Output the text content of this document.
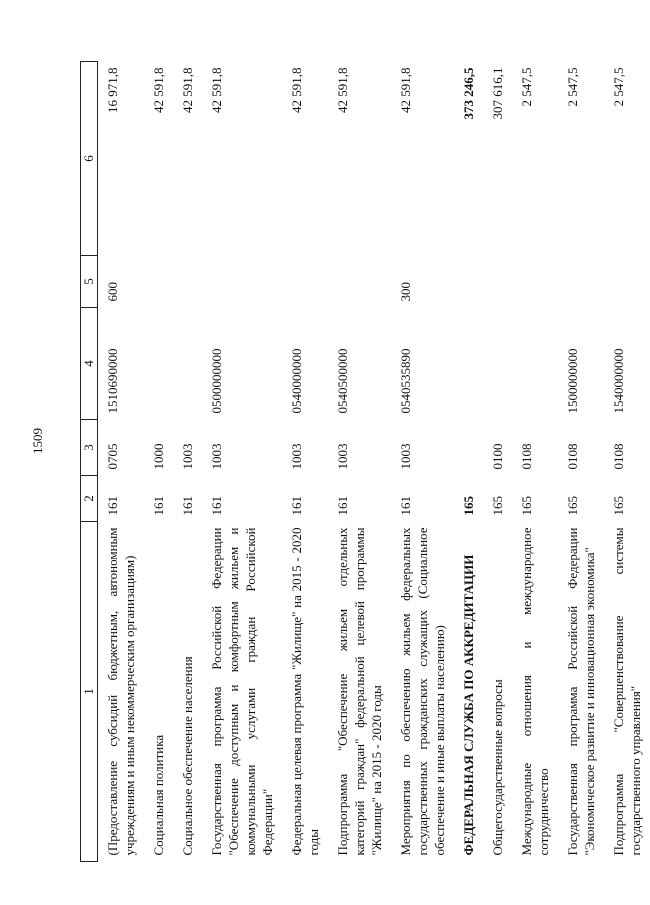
1509
1	2	3	4	5	6
(Предоставление субсидий бюджетным, автономным учреждениям и иным некоммерческим организациям)	161	0705	1510690000	600	16 971,8
Социальная политика	161	1000			42 591,8
Социальное обеспечение населения	161	1003			42 591,8
Государственная программа Российской Федерации "Обеспечение доступным и комфортным жильем и коммунальными услугами граждан Российской Федерации"	161	1003	0500000000		42 591,8
Федеральная целевая программа "Жилище" на 2015 - 2020 годы	161	1003	0540000000		42 591,8
Подпрограмма "Обеспечение жильем отдельных категорий граждан" федеральной целевой программы "Жилище" на 2015 - 2020 годы	161	1003	0540500000		42 591,8
Мероприятия по обеспечению жильем федеральных государственных гражданских служащих (Социальное обеспечение и иные выплаты населению)	161	1003	0540535890	300	42 591,8
ФЕДЕРАЛЬНАЯ СЛУЖБА ПО АККРЕДИТАЦИИ	165				373 246,5
Общегосударственные вопросы	165	0100			307 616,1
Международные отношения и международное сотрудничество	165	0108			2 547,5
Государственная программа Российской Федерации "Экономическое развитие и инновационная экономика"	165	0108	1500000000		2 547,5
Подпрограмма "Совершенствование системы государственного управления"	165	0108	1540000000		2 547,5
